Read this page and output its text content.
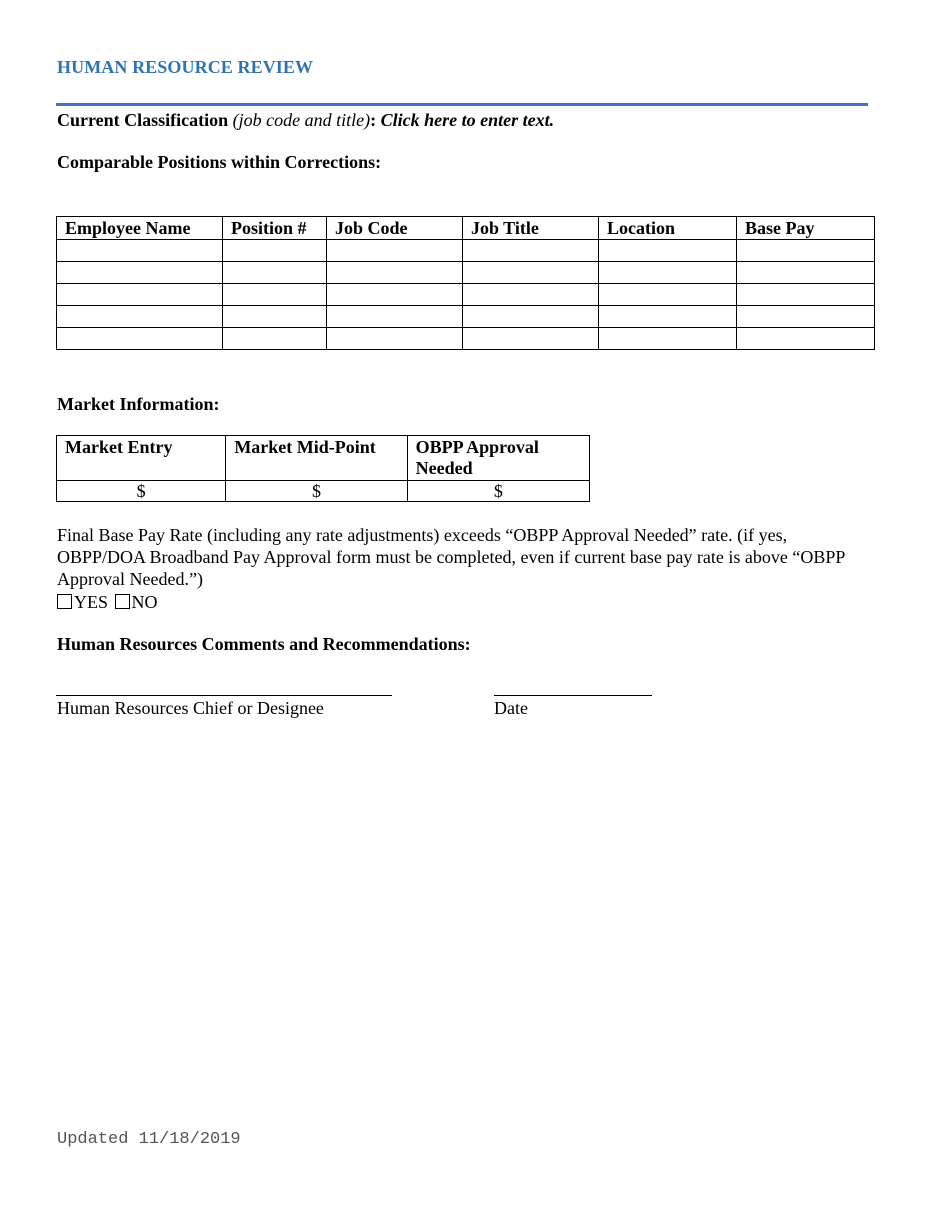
HUMAN RESOURCE REVIEW
Current Classification (job code and title): Click here to enter text.
Comparable Positions within Corrections:
Employee Name	Position #	Job Code	Job Title	Location	Base Pay

Market Information:
Market Entry	Market Mid-Point	OBPP Approval Needed
$	$	$
Final Base Pay Rate (including any rate adjustments) exceeds “OBPP Approval Needed” rate. (if yes, OBPP/DOA Broadband Pay Approval form must be completed, even if current base pay rate is above “OBPP Approval Needed.”)
YES NO
Human Resources Comments and Recommendations:
Human Resources Chief or Designee	Date
Updated 11/18/2019
